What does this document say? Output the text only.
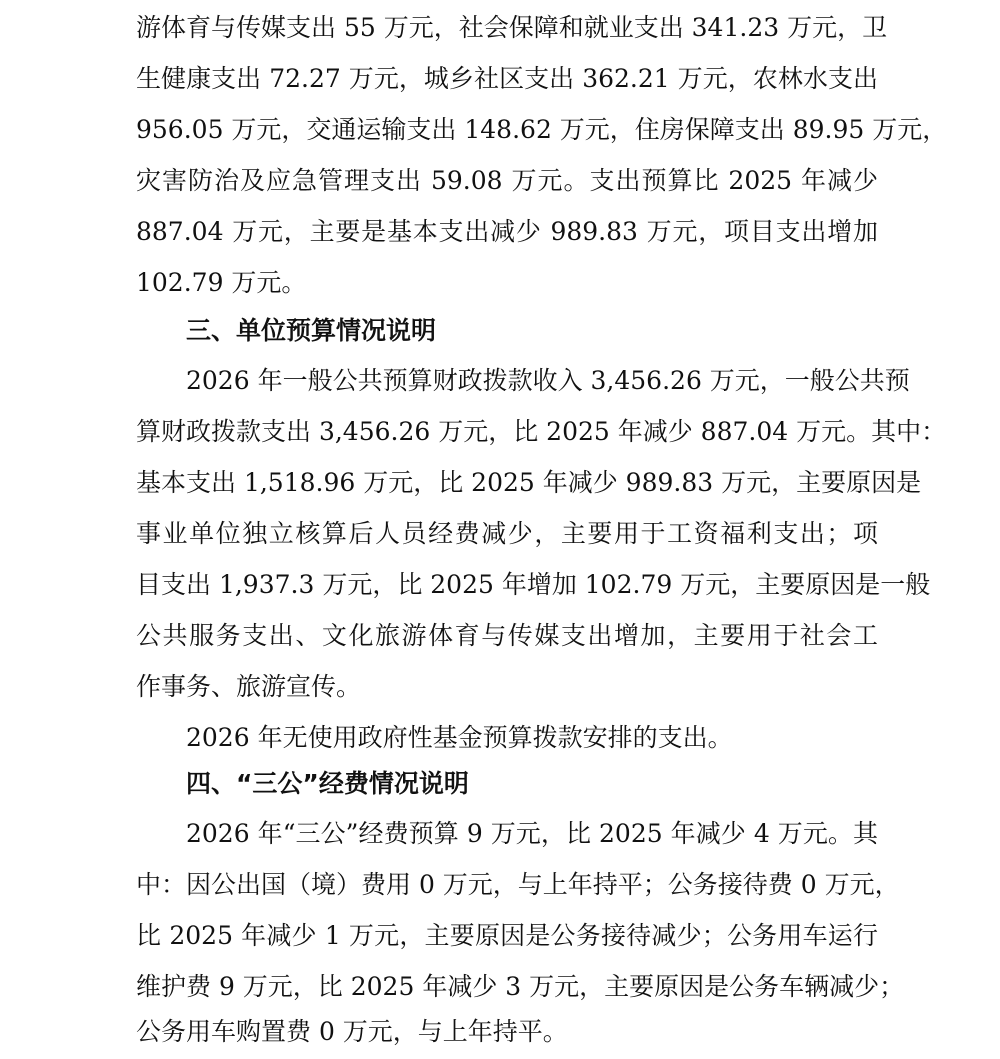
游体育与传媒支出 55 万元，社会保障和就业支出 341.23 万元，卫
生健康支出 72.27 万元，城乡社区支出 362.21 万元，农林水支出
956.05 万元，交通运输支出 148.62 万元，住房保障支出 89.95 万元，
灾害防治及应急管理支出 59.08 万元。支出预算比 2025 年减少
887.04 万元，主要是基本支出减少 989.83 万元，项目支出增加
102.79 万元。
三、单位预算情况说明
2026 年一般公共预算财政拨款收入 3,456.26 万元，一般公共预
算财政拨款支出 3,456.26 万元，比 2025 年减少 887.04 万元。其中：
基本支出 1,518.96 万元，比 2025 年减少 989.83 万元，主要原因是
事业单位独立核算后人员经费减少，主要用于工资福利支出；项
目支出 1,937.3 万元，比 2025 年增加 102.79 万元，主要原因是一般
公共服务支出、文化旅游体育与传媒支出增加，主要用于社会工
作事务、旅游宣传。
2026 年无使用政府性基金预算拨款安排的支出。
四、“三公”经费情况说明
2026 年“三公”经费预算 9 万元，比 2025 年减少 4 万元。其
中：因公出国（境）费用 0 万元，与上年持平；公务接待费 0 万元，
比 2025 年减少 1 万元，主要原因是公务接待减少；公务用车运行
维护费 9 万元，比 2025 年减少 3 万元，主要原因是公务车辆减少；
公务用车购置费 0 万元，与上年持平。
